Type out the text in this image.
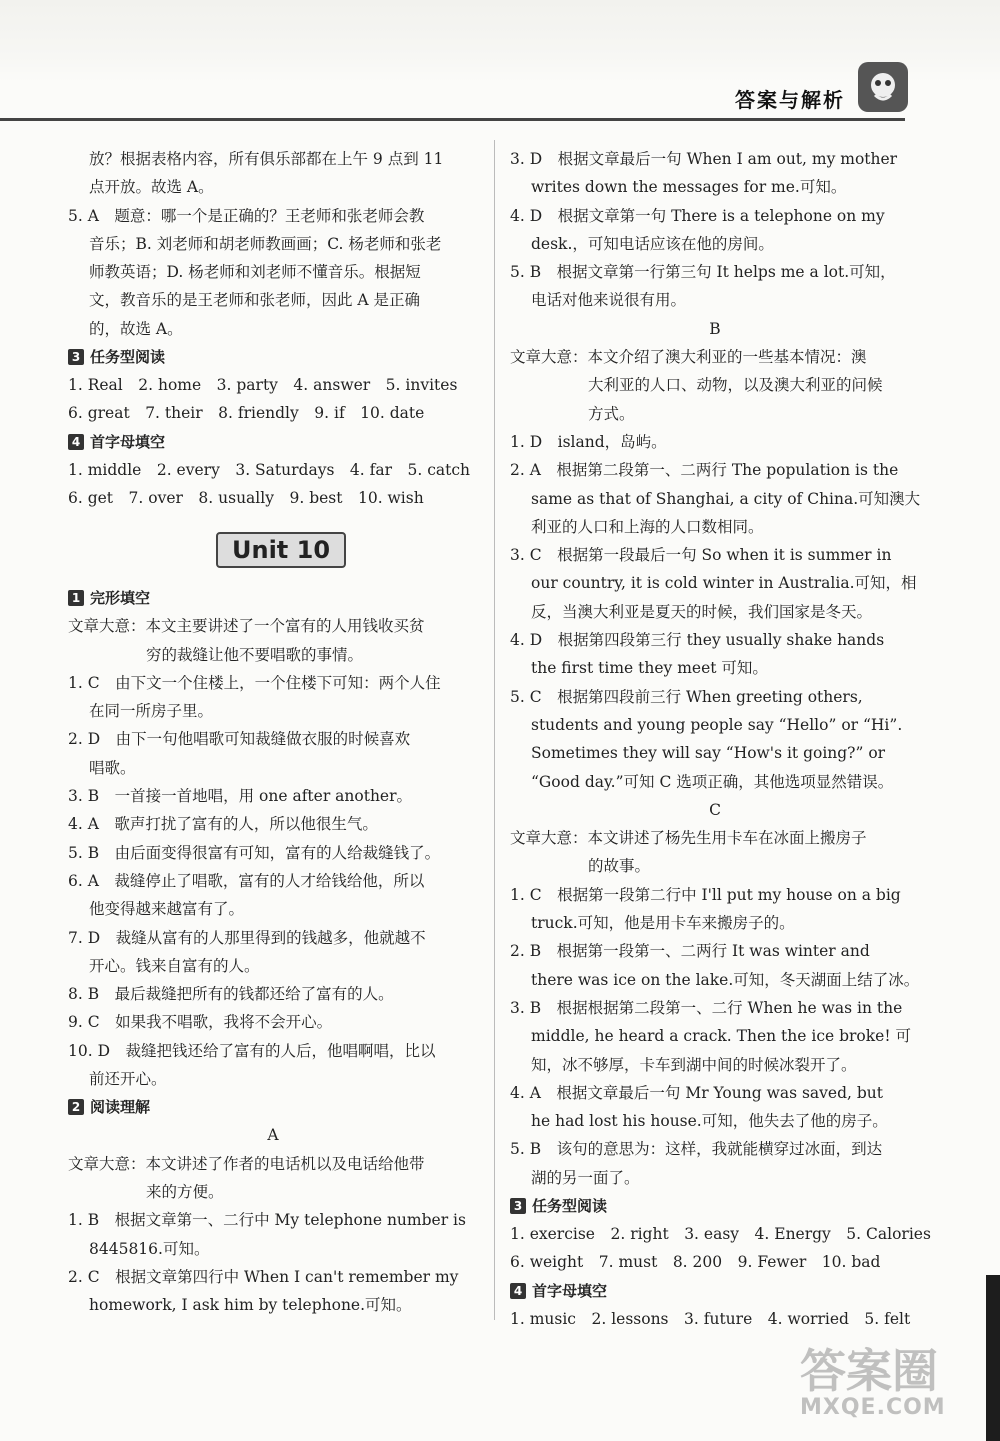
答案与解析
放？根据表格内容，所有俱乐部都在上午 9 点到 11
点开放。故选 A。
5. A　题意：哪一个是正确的？王老师和张老师会教
音乐；B. 刘老师和胡老师教画画；C. 杨老师和张老
师教英语；D. 杨老师和刘老师不懂音乐。根据短
文，教音乐的是王老师和张老师，因此 A 是正确
的，故选 A。
3 任务型阅读
1. Real　2. home　3. party　4. answer　5. invites
6. great　7. their　8. friendly　9. if　10. date
4 首字母填空
1. middle　2. every　3. Saturdays　4. far　5. catch
6. get　7. over　8. usually　9. best　10. wish
Unit 10
1 完形填空
文章大意：本文主要讲述了一个富有的人用钱收买贫
穷的裁缝让他不要唱歌的事情。
1. C　由下文一个住楼上，一个住楼下可知：两个人住
在同一所房子里。
2. D　由下一句他唱歌可知裁缝做衣服的时候喜欢
唱歌。
3. B　一首接一首地唱，用 one after another。
4. A　歌声打扰了富有的人，所以他很生气。
5. B　由后面变得很富有可知，富有的人给裁缝钱了。
6. A　裁缝停止了唱歌，富有的人才给钱给他，所以
他变得越来越富有了。
7. D　裁缝从富有的人那里得到的钱越多，他就越不
开心。钱来自富有的人。
8. B　最后裁缝把所有的钱都还给了富有的人。
9. C　如果我不唱歌，我将不会开心。
10. D　裁缝把钱还给了富有的人后，他唱啊唱，比以
前还开心。
2 阅读理解
A
文章大意：本文讲述了作者的电话机以及电话给他带
来的方便。
1. B　根据文章第一、二行中 My telephone number is
8445816.可知。
2. C　根据文章第四行中 When I can't remember my
homework, I ask him by telephone.可知。
3. D　根据文章最后一句 When I am out, my mother
writes down the messages for me.可知。
4. D　根据文章第一句 There is a telephone on my
desk.，可知电话应该在他的房间。
5. B　根据文章第一行第三句 It helps me a lot.可知，
电话对他来说很有用。
B
文章大意：本文介绍了澳大利亚的一些基本情况：澳
大利亚的人口、动物，以及澳大利亚的问候
方式。
1. D　island，岛屿。
2. A　根据第二段第一、二两行 The population is the
same as that of Shanghai, a city of China.可知澳大
利亚的人口和上海的人口数相同。
3. C　根据第一段最后一句 So when it is summer in
our country, it is cold winter in Australia.可知，相
反，当澳大利亚是夏天的时候，我们国家是冬天。
4. D　根据第四段第三行 they usually shake hands
the first time they meet 可知。
5. C　根据第四段前三行 When greeting others,
students and young people say “Hello” or “Hi”.
Sometimes they will say “How's it going?” or
“Good day.”可知 C 选项正确，其他选项显然错误。
C
文章大意：本文讲述了杨先生用卡车在冰面上搬房子
的故事。
1. C　根据第一段第二行中 I'll put my house on a big
truck.可知，他是用卡车来搬房子的。
2. B　根据第一段第一、二两行 It was winter and
there was ice on the lake.可知，冬天湖面上结了冰。
3. B　根据根据第二段第一、二行 When he was in the
middle, he heard a crack. Then the ice broke! 可
知，冰不够厚，卡车到湖中间的时候冰裂开了。
4. A　根据文章最后一句 Mr Young was saved, but
he had lost his house.可知，他失去了他的房子。
5. B　该句的意思为：这样，我就能横穿过冰面，到达
湖的另一面了。
3 任务型阅读
1. exercise　2. right　3. easy　4. Energy　5. Calories
6. weight　7. must　8. 200　9. Fewer　10. bad
4 首字母填空
1. music　2. lessons　3. future　4. worried　5. felt
答案圈
MXQE.COM
